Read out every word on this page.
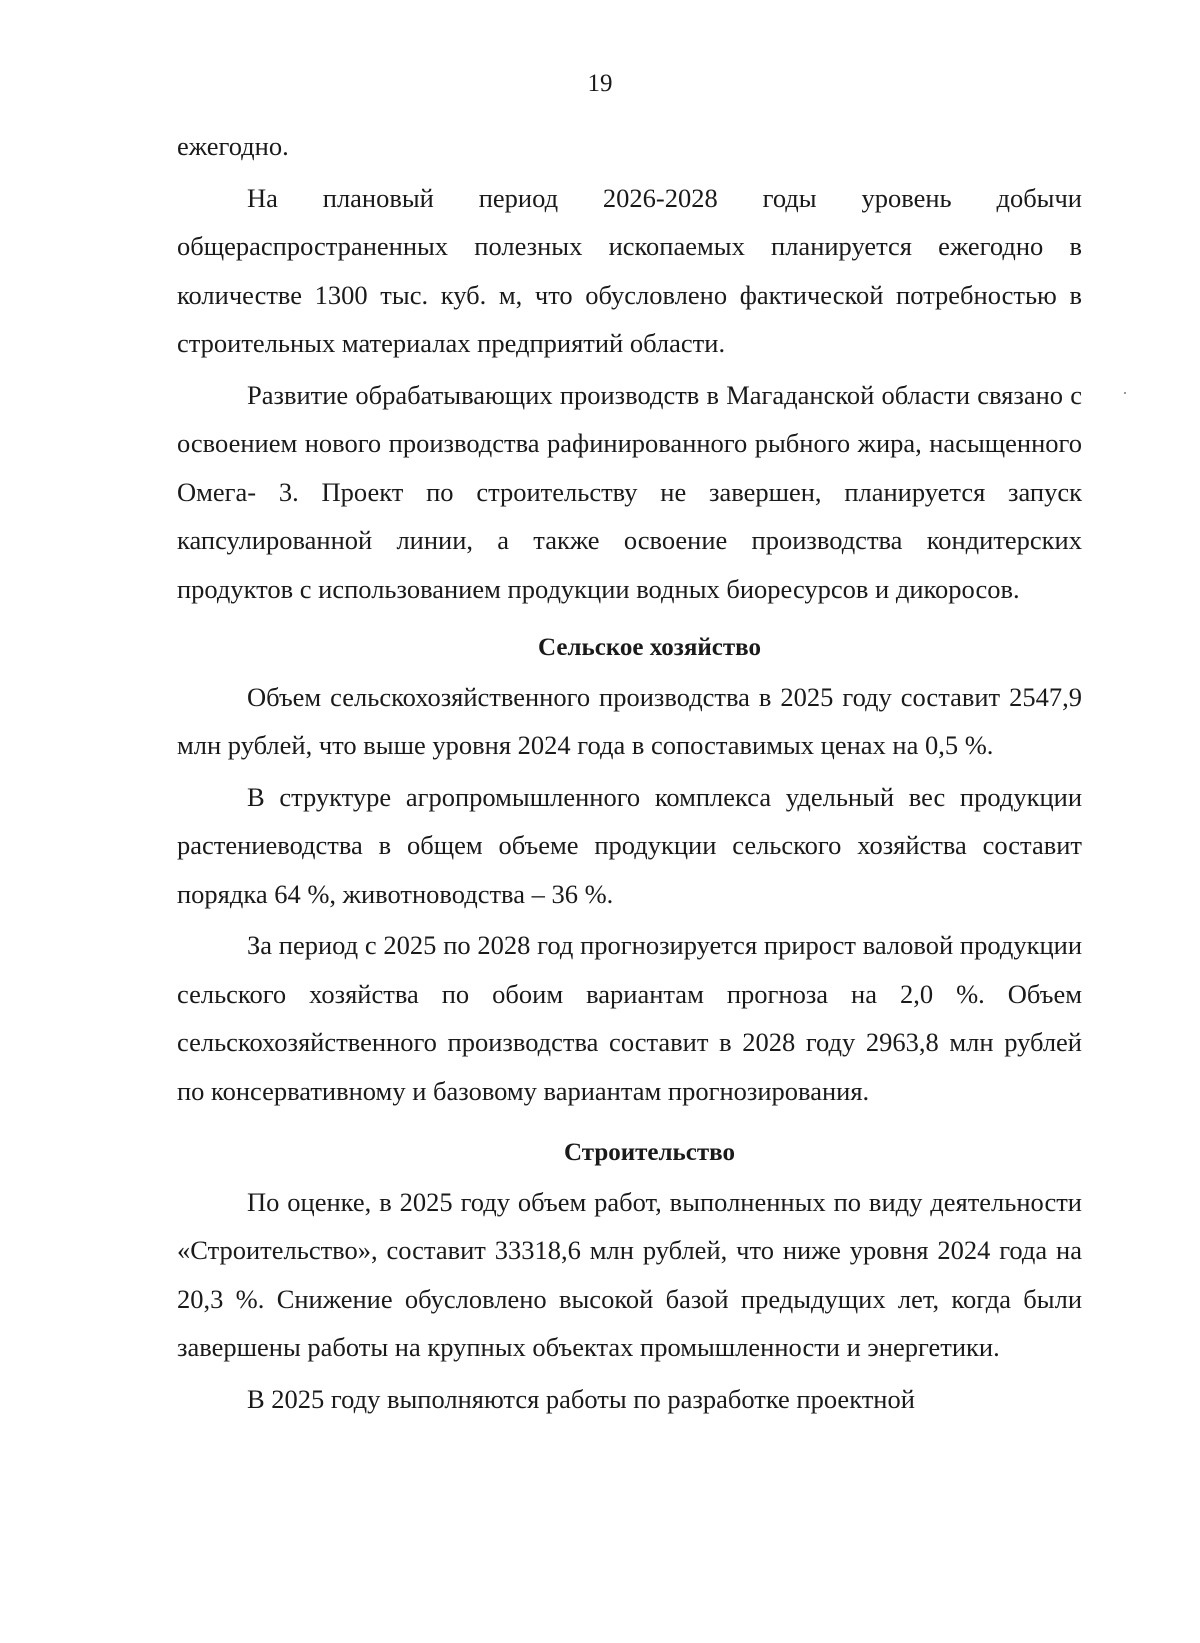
19

ежегодно.

На плановый период 2026-2028 годы уровень добычи общераспространенных полезных ископаемых планируется ежегодно в количестве 1300 тыс. куб. м, что обусловлено фактической потребностью в строительных материалах предприятий области.

Развитие обрабатывающих производств в Магаданской области связано с освоением нового производства рафинированного рыбного жира, насыщенного Омега- 3. Проект по строительству не завершен, планируется запуск капсулированной линии, а также освоение производства кондитерских продуктов с использованием продукции водных биоресурсов и дикоросов.

Сельское хозяйство

Объем сельскохозяйственного производства в 2025 году составит 2547,9 млн рублей, что выше уровня 2024 года в сопоставимых ценах на 0,5 %.

В структуре агропромышленного комплекса удельный вес продукции растениеводства в общем объеме продукции сельского хозяйства составит порядка 64 %, животноводства – 36 %.

За период с 2025 по 2028 год прогнозируется прирост валовой продукции сельского хозяйства по обоим вариантам прогноза на 2,0 %. Объем сельскохозяйственного производства составит в 2028 году 2963,8 млн рублей по консервативному и базовому вариантам прогнозирования.

Строительство

По оценке, в 2025 году объем работ, выполненных по виду деятельности «Строительство», составит 33318,6 млн рублей, что ниже уровня 2024 года на 20,3 %. Снижение обусловлено высокой базой предыдущих лет, когда были завершены работы на крупных объектах промышленности и энергетики.

В 2025 году выполняются работы по разработке проектной
